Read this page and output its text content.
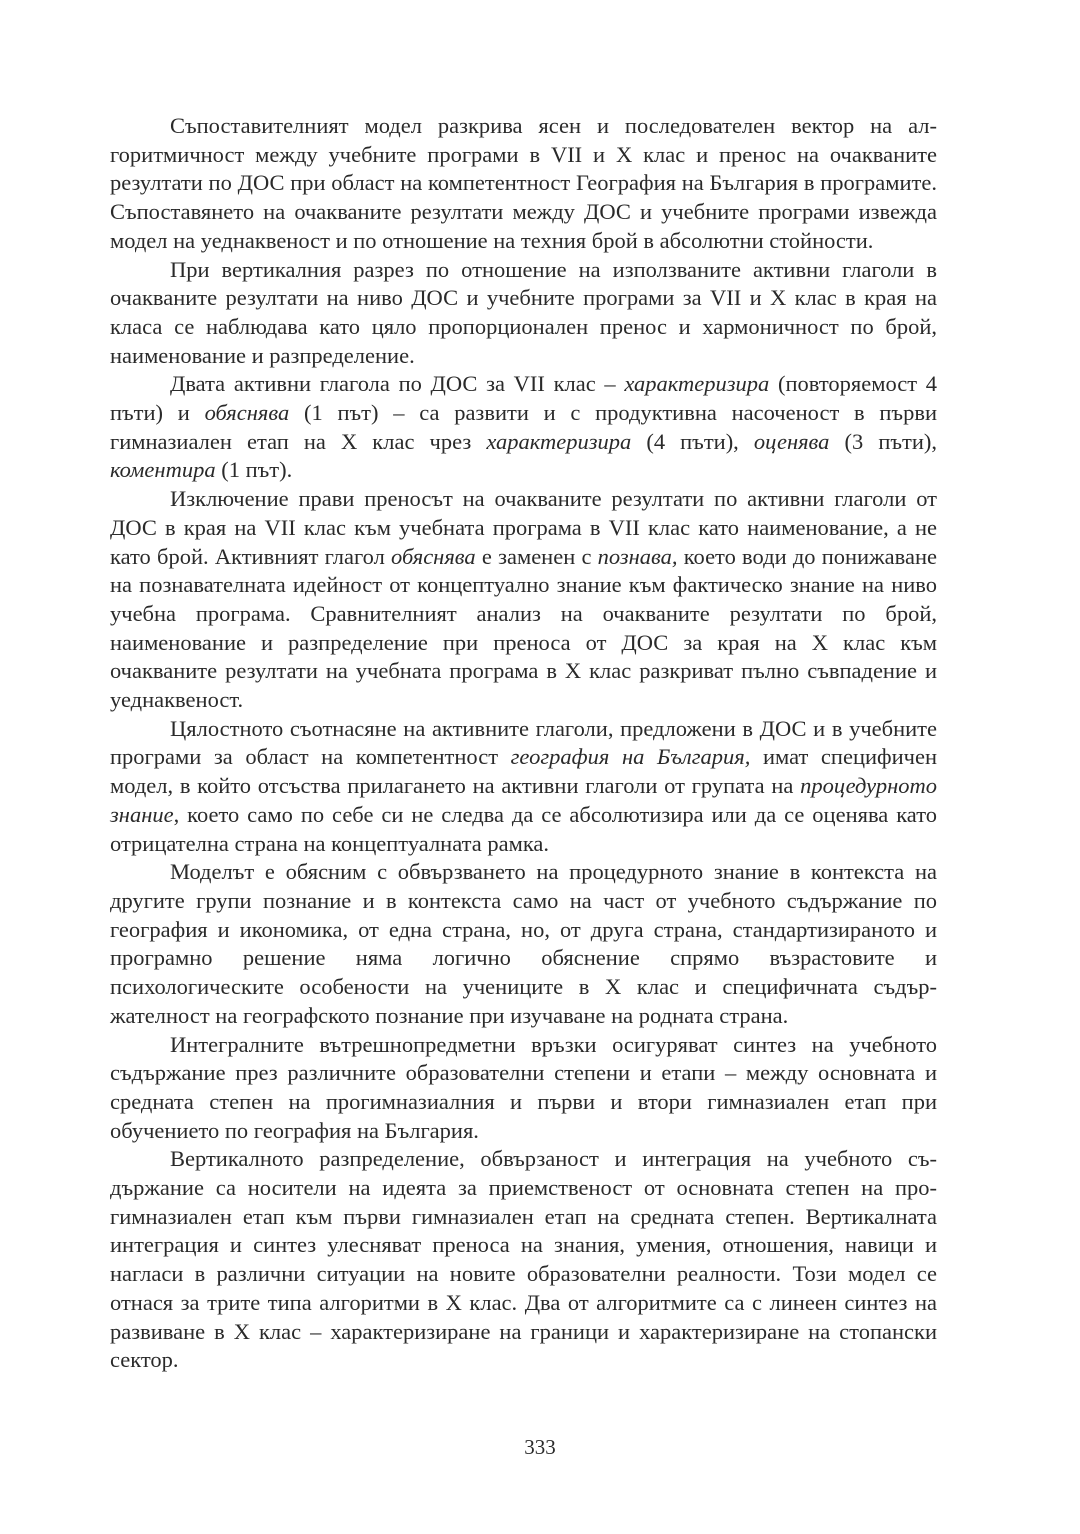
Съпоставителният модел разкрива ясен и последователен вектор на алгоритмичност между учебните програми в VII и X клас и пренос на очакваните резултати по ДОС при област на компетентност География на България в програмите. Съпоставянето на очакваните резултати между ДОС и учебните програми извежда модел на уеднаквеност и по отношение на техния брой в абсолютни стойности.

При вертикалния разрез по отношение на използваните активни глаголи в очакваните резултати на ниво ДОС и учебните програми за VII и X клас в края на класа се наблюдава като цяло пропорционален пренос и хармоничност по брой, наименование и разпределение.

Двата активни глагола по ДОС за VII клас – характеризира (повторяемост 4 пъти) и обяснява (1 път) – са развити и с продуктивна насоченост в първи гимназиален етап на X клас чрез характеризира (4 пъти), оценява (3 пъти), коментира (1 път).

Изключение прави преносът на очакваните резултати по активни глаголи от ДОС в края на VII клас към учебната програма в VII клас като наименование, а не като брой. Активният глагол обяснява е заменен с познава, което води до понижаване на познавателната идейност от концептуално знание към фактическо знание на ниво учебна програма. Сравнителният анализ на очакваните резултати по брой, наименование и разпределение при преноса от ДОС за края на X клас към очакваните резултати на учебната програма в X клас разкриват пълно съвпадение и уеднаквеност.

Цялостното съотнасяне на активните глаголи, предложени в ДОС и в учебните програми за област на компетентност география на България, имат специфичен модел, в който отсъства прилагането на активни глаголи от групата на процедурното знание, което само по себе си не следва да се абсолютизира или да се оценява като отрицателна страна на концептуалната рамка.

Моделът е обясним с обвързването на процедурното знание в контекста на другите групи познание и в контекста само на част от учебното съдържание по география и икономика, от една страна, но, от друга страна, стандартизираното и програмно решение няма логично обяснение спрямо възрастовите и психологическите особености на учениците в X клас и специфичната съдържателност на географското познание при изучаване на родната страна.

Интегралните вътрешнопредметни връзки осигуряват синтез на учебното съдържание през различните образователни степени и етапи – между основната и средната степен на прогимназиалния и първи и втори гимназиален етап при обучението по география на България.

Вертикалното разпределение, обвързаност и интеграция на учебното съдържание са носители на идеята за приемственост от основната степен на прогимназиален етап към първи гимназиален етап на средната степен. Вертикалната интеграция и синтез улесняват преноса на знания, умения, отношения, навици и нагласи в различни ситуации на новите образователни реалности. Този модел се отнася за трите типа алгоритми в X клас. Два от алгоритмите са с линеен синтез на развиване в X клас – характеризиране на граници и характеризиране на стопански сектор.

333
